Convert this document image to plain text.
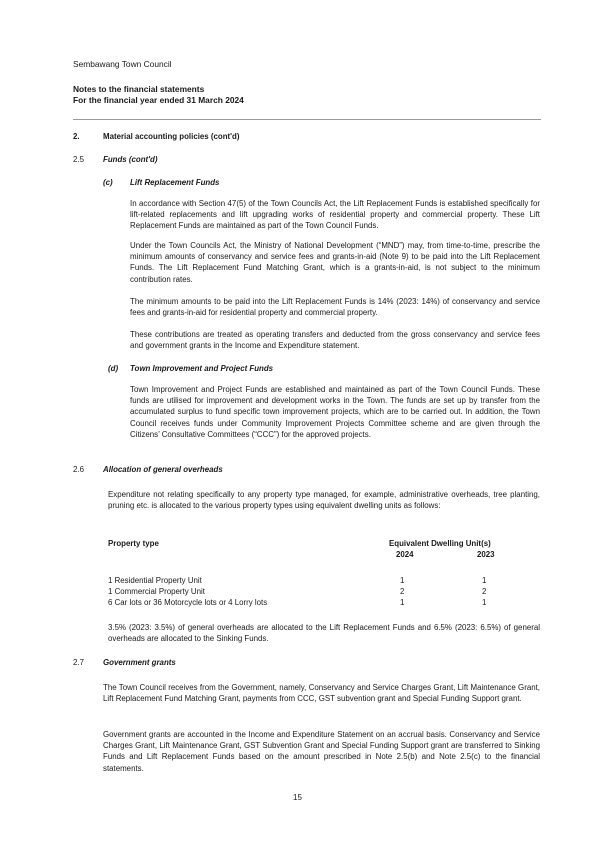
Sembawang Town Council
Notes to the financial statements
For the financial year ended 31 March 2024
2.	Material accounting policies (cont'd)
2.5 Funds (cont'd)
(c) Lift Replacement Funds
In accordance with Section 47(5) of the Town Councils Act, the Lift Replacement Funds is established specifically for lift-related replacements and lift upgrading works of residential property and commercial property. These Lift Replacement Funds are maintained as part of the Town Council Funds.
Under the Town Councils Act, the Ministry of National Development (“MND”) may, from time-to-time, prescribe the minimum amounts of conservancy and service fees and grants-in-aid (Note 9) to be paid into the Lift Replacement Funds. The Lift Replacement Fund Matching Grant, which is a grants-in-aid, is not subject to the minimum contribution rates.
The minimum amounts to be paid into the Lift Replacement Funds is 14% (2023: 14%) of conservancy and service fees and grants-in-aid for residential property and commercial property.
These contributions are treated as operating transfers and deducted from the gross conservancy and service fees and government grants in the Income and Expenditure statement.
(d) Town Improvement and Project Funds
Town Improvement and Project Funds are established and maintained as part of the Town Council Funds. These funds are utilised for improvement and development works in the Town. The funds are set up by transfer from the accumulated surplus to fund specific town improvement projects, which are to be carried out. In addition, the Town Council receives funds under Community Improvement Projects Committee scheme and are given through the Citizens’ Consultative Committees (“CCC”) for the approved projects.
2.6 Allocation of general overheads
Expenditure not relating specifically to any property type managed, for example, administrative overheads, tree planting, pruning etc. is allocated to the various property types using equivalent dwelling units as follows:
Property type	Equivalent Dwelling Unit(s)
2024	2023
1 Residential Property Unit	1	1
1 Commercial Property Unit	2	2
6 Car lots or 36 Motorcycle lots or 4 Lorry lots	1	1
3.5% (2023: 3.5%) of general overheads are allocated to the Lift Replacement Funds and 6.5% (2023: 6.5%) of general overheads are allocated to the Sinking Funds.
2.7 Government grants
The Town Council receives from the Government, namely, Conservancy and Service Charges Grant, Lift Maintenance Grant, Lift Replacement Fund Matching Grant, payments from CCC, GST subvention grant and Special Funding Support grant.
Government grants are accounted in the Income and Expenditure Statement on an accrual basis. Conservancy and Service Charges Grant, Lift Maintenance Grant, GST Subvention Grant and Special Funding Support grant are transferred to Sinking Funds and Lift Replacement Funds based on the amount prescribed in Note 2.5(b) and Note 2.5(c) to the financial statements.
15
